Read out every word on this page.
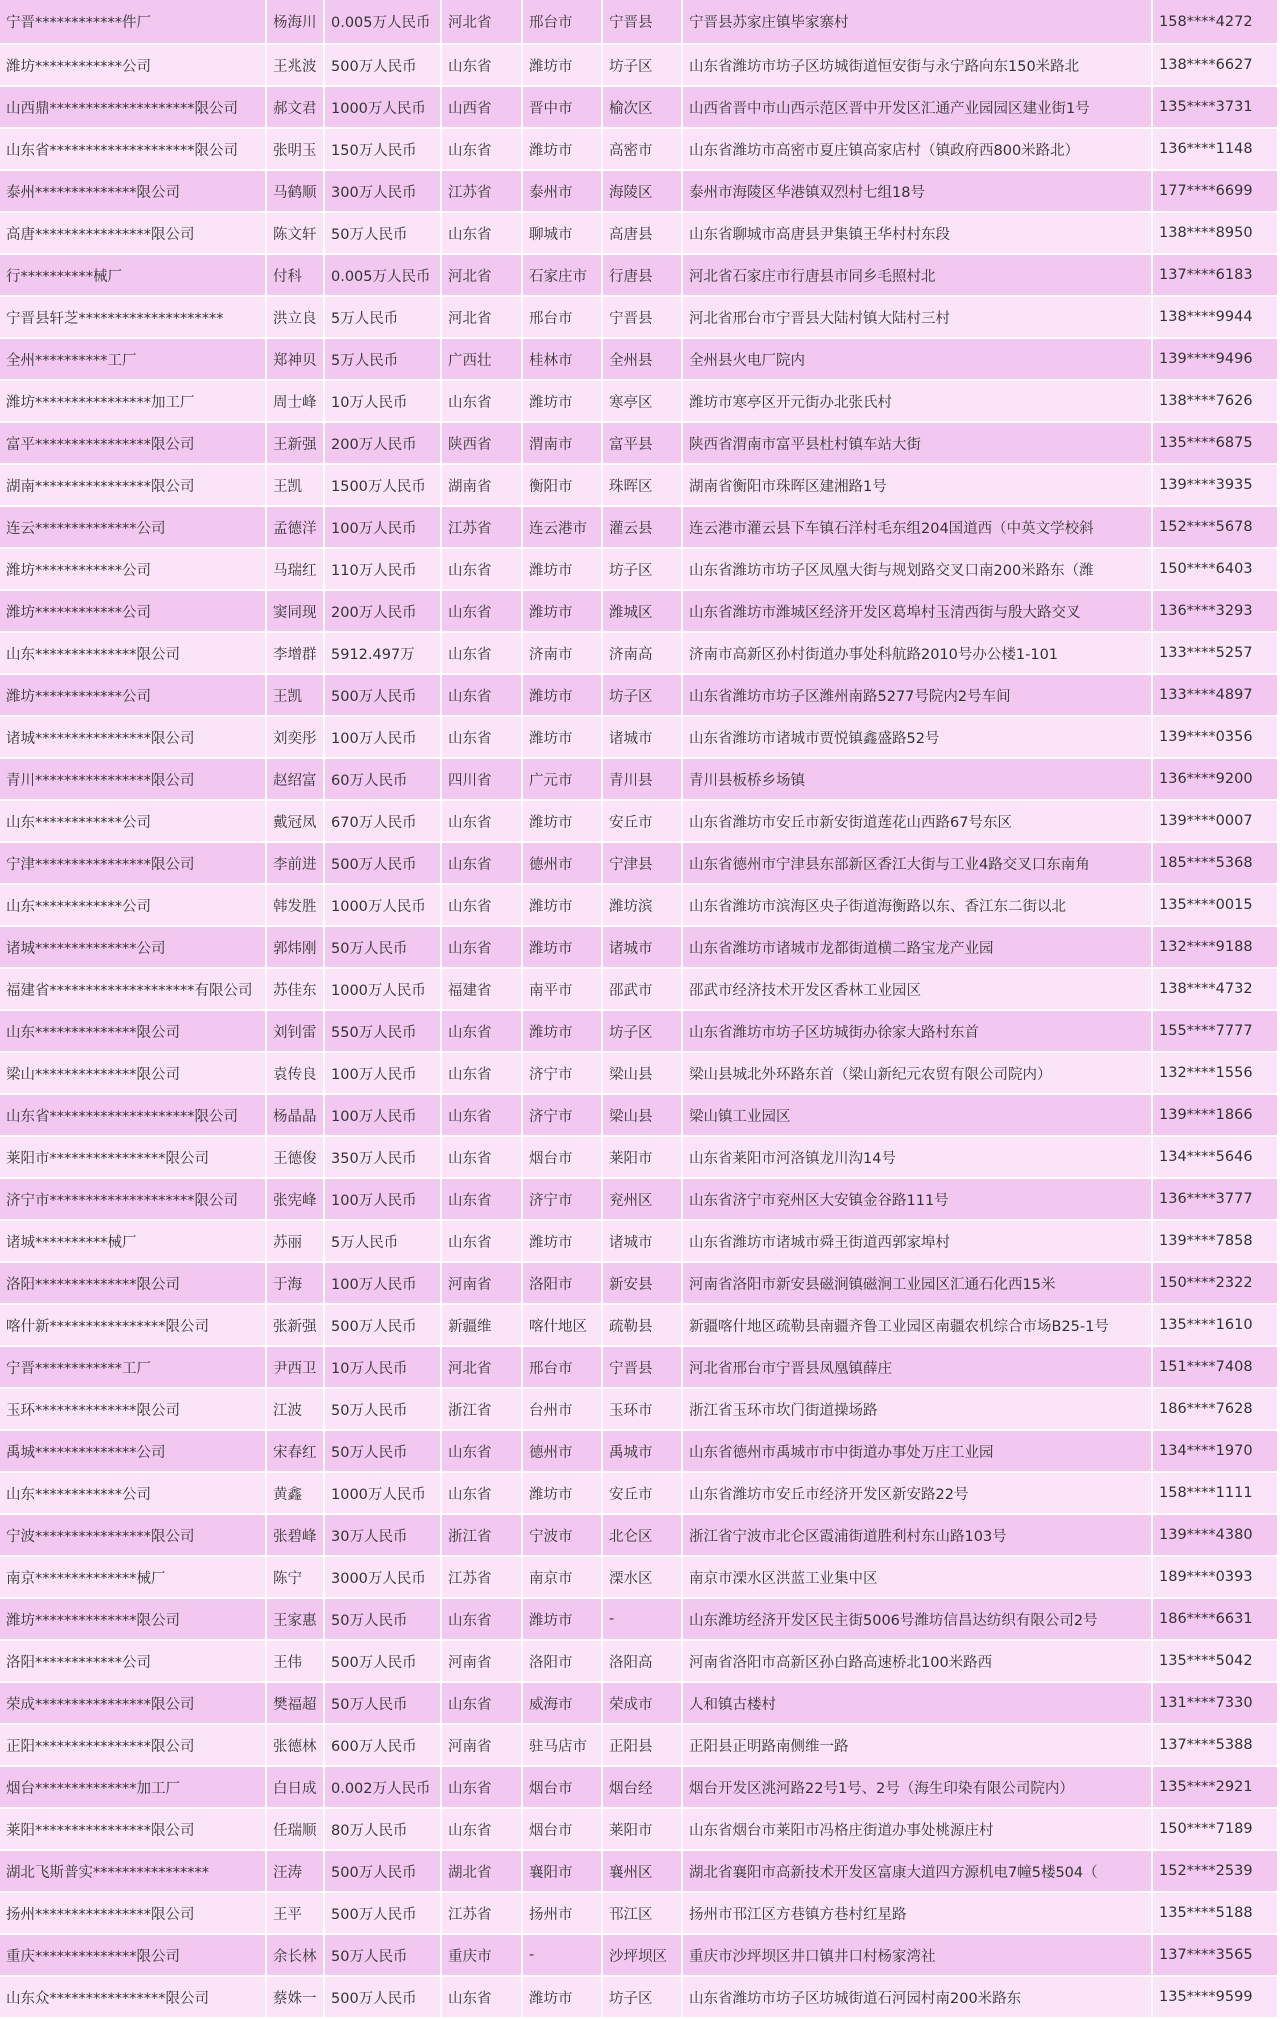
宁晋************件厂	杨海川	0.005万人民币	河北省	邢台市	宁晋县	宁晋县苏家庄镇毕家寨村	158****4272
潍坊************公司	王兆波	500万人民币	山东省	潍坊市	坊子区	山东省潍坊市坊子区坊城街道恒安街与永宁路向东150米路北	138****6627
山西鼎********************限公司	郝文君	1000万人民币	山西省	晋中市	榆次区	山西省晋中市山西示范区晋中开发区汇通产业园园区建业街1号	135****3731
山东省********************限公司	张明玉	150万人民币	山东省	潍坊市	高密市	山东省潍坊市高密市夏庄镇高家店村（镇政府西800米路北）	136****1148
泰州**************限公司	马鹤顺	300万人民币	江苏省	泰州市	海陵区	泰州市海陵区华港镇双烈村七组18号	177****6699
高唐****************限公司	陈文轩	50万人民币	山东省	聊城市	高唐县	山东省聊城市高唐县尹集镇王华村村东段	138****8950
行**********械厂	付科	0.005万人民币	河北省	石家庄市	行唐县	河北省石家庄市行唐县市同乡毛照村北	137****6183
宁晋县轩芝********************	洪立良	5万人民币	河北省	邢台市	宁晋县	河北省邢台市宁晋县大陆村镇大陆村三村	138****9944
全州**********工厂	郑神贝	5万人民币	广西壮	桂林市	全州县	全州县火电厂院内	139****9496
潍坊****************加工厂	周士峰	10万人民币	山东省	潍坊市	寒亭区	潍坊市寒亭区开元街办北张氏村	138****7626
富平****************限公司	王新强	200万人民币	陕西省	渭南市	富平县	陕西省渭南市富平县杜村镇车站大街	135****6875
湖南****************限公司	王凯	1500万人民币	湖南省	衡阳市	珠晖区	湖南省衡阳市珠晖区建湘路1号	139****3935
连云**************公司	孟德洋	100万人民币	江苏省	连云港市	灌云县	连云港市灌云县下车镇石洋村毛东组204国道西（中英文学校斜	152****5678
潍坊************公司	马瑞红	110万人民币	山东省	潍坊市	坊子区	山东省潍坊市坊子区凤凰大街与规划路交叉口南200米路东（潍	150****6403
潍坊************公司	窦同现	200万人民币	山东省	潍坊市	潍城区	山东省潍坊市潍城区经济开发区葛埠村玉清西街与殷大路交叉	136****3293
山东**************限公司	李增群	5912.497万	山东省	济南市	济南高	济南市高新区孙村街道办事处科航路2010号办公楼1-101	133****5257
潍坊************公司	王凯	500万人民币	山东省	潍坊市	坊子区	山东省潍坊市坊子区潍州南路5277号院内2号车间	133****4897
诸城****************限公司	刘奕彤	100万人民币	山东省	潍坊市	诸城市	山东省潍坊市诸城市贾悦镇鑫盛路52号	139****0356
青川****************限公司	赵绍富	60万人民币	四川省	广元市	青川县	青川县板桥乡场镇	136****9200
山东************公司	戴冠凤	670万人民币	山东省	潍坊市	安丘市	山东省潍坊市安丘市新安街道莲花山西路67号东区	139****0007
宁津****************限公司	李前进	500万人民币	山东省	德州市	宁津县	山东省德州市宁津县东部新区香江大街与工业4路交叉口东南角	185****5368
山东************公司	韩发胜	1000万人民币	山东省	潍坊市	潍坊滨	山东省潍坊市滨海区央子街道海衡路以东、香江东二街以北	135****0015
诸城**************公司	郭炜刚	50万人民币	山东省	潍坊市	诸城市	山东省潍坊市诸城市龙都街道横二路宝龙产业园	132****9188
福建省********************有限公司	苏佳东	1000万人民币	福建省	南平市	邵武市	邵武市经济技术开发区香林工业园区	138****4732
山东**************限公司	刘钊雷	550万人民币	山东省	潍坊市	坊子区	山东省潍坊市坊子区坊城街办徐家大路村东首	155****7777
梁山**************限公司	袁传良	100万人民币	山东省	济宁市	梁山县	梁山县城北外环路东首（梁山新纪元农贸有限公司院内）	132****1556
山东省********************限公司	杨晶晶	100万人民币	山东省	济宁市	梁山县	梁山镇工业园区	139****1866
莱阳市****************限公司	王德俊	350万人民币	山东省	烟台市	莱阳市	山东省莱阳市河洛镇龙川沟14号	134****5646
济宁市********************限公司	张宪峰	100万人民币	山东省	济宁市	兖州区	山东省济宁市兖州区大安镇金谷路111号	136****3777
诸城**********械厂	苏丽	5万人民币	山东省	潍坊市	诸城市	山东省潍坊市诸城市舜王街道西郭家埠村	139****7858
洛阳**************限公司	于海	100万人民币	河南省	洛阳市	新安县	河南省洛阳市新安县磁涧镇磁涧工业园区汇通石化西15米	150****2322
喀什新****************限公司	张新强	500万人民币	新疆维	喀什地区	疏勒县	新疆喀什地区疏勒县南疆齐鲁工业园区南疆农机综合市场B25-1号	135****1610
宁晋************工厂	尹西卫	10万人民币	河北省	邢台市	宁晋县	河北省邢台市宁晋县凤凰镇薛庄	151****7408
玉环**************限公司	江波	50万人民币	浙江省	台州市	玉环市	浙江省玉环市坎门街道操场路	186****7628
禹城**************公司	宋春红	50万人民币	山东省	德州市	禹城市	山东省德州市禹城市市中街道办事处万庄工业园	134****1970
山东************公司	黄鑫	1000万人民币	山东省	潍坊市	安丘市	山东省潍坊市安丘市经济开发区新安路22号	158****1111
宁波****************限公司	张碧峰	30万人民币	浙江省	宁波市	北仑区	浙江省宁波市北仑区霞浦街道胜利村东山路103号	139****4380
南京**************械厂	陈宁	3000万人民币	江苏省	南京市	溧水区	南京市溧水区洪蓝工业集中区	189****0393
潍坊**************限公司	王家惠	50万人民币	山东省	潍坊市	-	山东潍坊经济开发区民主街5006号潍坊信昌达纺织有限公司2号	186****6631
洛阳************公司	王伟	500万人民币	河南省	洛阳市	洛阳高	河南省洛阳市高新区孙白路高速桥北100米路西	135****5042
荣成****************限公司	樊福超	50万人民币	山东省	威海市	荣成市	人和镇古楼村	131****7330
正阳****************限公司	张德林	600万人民币	河南省	驻马店市	正阳县	正阳县正明路南侧维一路	137****5388
烟台**************加工厂	白日成	0.002万人民币	山东省	烟台市	烟台经	烟台开发区洮河路22号1号、2号（海生印染有限公司院内）	135****2921
莱阳****************限公司	任瑞顺	80万人民币	山东省	烟台市	莱阳市	山东省烟台市莱阳市冯格庄街道办事处桃源庄村	150****7189
湖北飞斯普实****************	汪涛	500万人民币	湖北省	襄阳市	襄州区	湖北省襄阳市高新技术开发区富康大道四方源机电7幢5楼504（	152****2539
扬州****************限公司	王平	500万人民币	江苏省	扬州市	邗江区	扬州市邗江区方巷镇方巷村红星路	135****5188
重庆**************限公司	余长林	50万人民币	重庆市	-	沙坪坝区	重庆市沙坪坝区井口镇井口村杨家湾社	137****3565
山东众****************限公司	蔡姝一	500万人民币	山东省	潍坊市	坊子区	山东省潍坊市坊子区坊城街道石河园村南200米路东	135****9599
